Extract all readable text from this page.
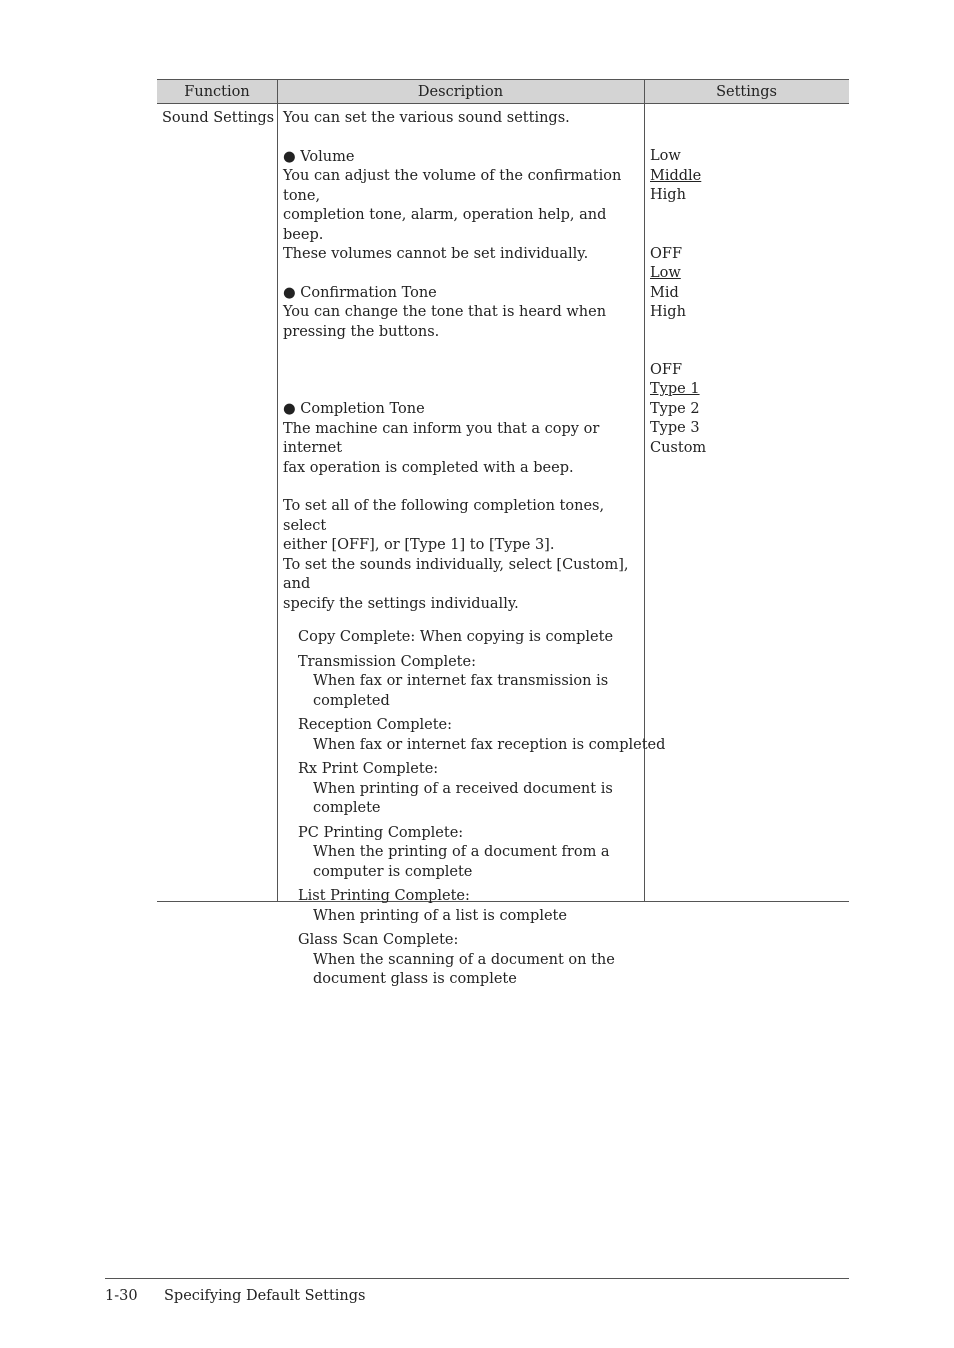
Function	Description	Settings
Sound Settings You can set the various sound settings.

● Volume

You can adjust the volume of the confirmation tone,

completion tone, alarm, operation help, and beep.

These volumes cannot be set individually.

● Confirmation Tone

You can change the tone that is heard when

pressing the buttons.

● Completion Tone

The machine can inform you that a copy or internet

fax operation is completed with a beep.

To set all of the following completion tones, select

either [OFF], or [Type 1] to [Type 3].

To set the sounds individually, select [Custom], and

specify the settings individually.

Copy Complete: When copying is complete

Transmission Complete:

When fax or internet fax transmission is

completed

Reception Complete:

When fax or internet fax reception is completed

Rx Print Complete:

When printing of a received document is

complete

PC Printing Complete:

When the printing of a document from a

computer is complete

List Printing Complete:

When printing of a list is complete

Glass Scan Complete:

When the scanning of a document on the

document glass is complete

Low

Middle

High

OFF

Low

Mid

High

OFF

Type 1

Type 2

Type 3

Custom

1-30 Specifying Default Settings
